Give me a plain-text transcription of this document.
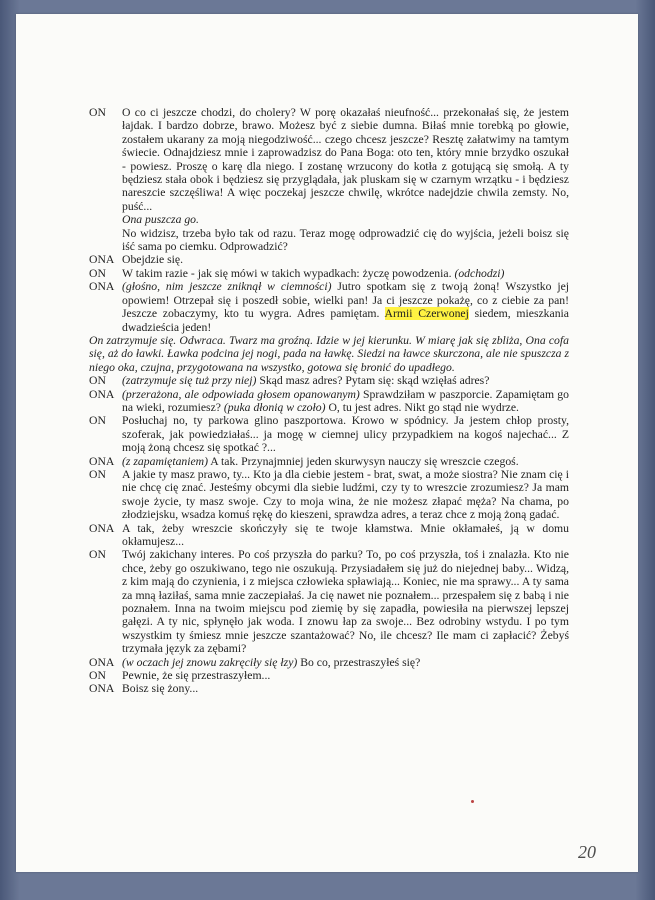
ON	O co ci jeszcze chodzi, do cholery? W porę okazałaś nieufność... przekonałaś się, że jestem łajdak. I bardzo dobrze, brawo. Możesz być z siebie dumna. Biłaś mnie torebką po głowie, zostałem ukarany za moją niegodziwość... czego chcesz jeszcze? Resztę załatwimy na tamtym świecie. Odnajdziesz mnie i zaprowadzisz do Pana Boga: oto ten, który mnie brzydko oszukał - powiesz. Proszę o karę dla niego. I zostanę wrzucony do kotła z gotującą się smołą. A ty będziesz stała obok i będziesz się przyglądała, jak pluskam się w czarnym wrzątku - i będziesz nareszcie szczęśliwa! A więc poczekaj jeszcze chwilę, wkrótce nadejdzie chwila zemsty. No, puść...
Ona puszcza go.
No widzisz, trzeba było tak od razu. Teraz mogę odprowadzić cię do wyjścia, jeżeli boisz się iść sama po ciemku. Odprowadzić?
ONA Obejdzie się.
ON	W takim razie - jak się mówi w takich wypadkach: życzę powodzenia. (odchodzi)
ONA (głośno, nim jeszcze zniknął w ciemności) Jutro spotkam się z twoją żoną! Wszystko jej opowiem! Otrzepał się i poszedł sobie, wielki pan! Ja ci jeszcze pokażę, co z ciebie za pan! Jeszcze zobaczymy, kto tu wygra. Adres pamiętam. Armii Czerwonej siedem, mieszkania dwadzieścia jeden!
On zatrzymuje się. Odwraca. Twarz ma groźną. Idzie w jej kierunku. W miarę jak się zbliża, Ona cofa się, aż do ławki. Ławka podcina jej nogi, pada na ławkę. Siedzi na ławce skurczona, ale nie spuszcza z niego oka, czujna, przygotowana na wszystko, gotowa się bronić do upadłego.
ON	(zatrzymuje się tuż przy niej) Skąd masz adres? Pytam się: skąd wzięłaś adres?
ONA (przerażona, ale odpowiada głosem opanowanym) Sprawdziłam w paszporcie. Zapamiętam go na wieki, rozumiesz? (puka dłonią w czoło) O, tu jest adres. Nikt go stąd nie wydrze.
ON	Posłuchaj no, ty parkowa glino paszportowa. Krowo w spódnicy. Ja jestem chłop prosty, szoferak, jak powiedziałaś... ja mogę w ciemnej ulicy przypadkiem na kogoś najechać... Z moją żoną chcesz się spotkać ?...
ONA (z zapamiętaniem) A tak. Przynajmniej jeden skurwysyn nauczy się wreszcie czegoś.
ON	A jakie ty masz prawo, ty... Kto ja dla ciebie jestem - brat, swat, a może siostra? Nie znam cię i nie chcę cię znać. Jesteśmy obcymi dla siebie ludźmi, czy ty to wreszcie zrozumiesz? Ja mam swoje życie, ty masz swoje. Czy to moja wina, że nie możesz złapać męża? Na chama, po złodziejsku, wsadza komuś rękę do kieszeni, sprawdza adres, a teraz chce z moją żoną gadać.
ONA A tak, żeby wreszcie skończyły się te twoje kłamstwa. Mnie okłamałeś, ją w domu okłamujesz...
ON	Twój zakichany interes. Po coś przyszła do parku? To, po coś przyszła, toś i znalazła. Kto nie chce, żeby go oszukiwano, tego nie oszukują. Przysiadałem się już do niejednej baby... Widzą, z kim mają do czynienia, i z miejsca człowieka spławiają... Koniec, nie ma sprawy... A ty sama za mną łaziłaś, sama mnie zaczepiałaś. Ja cię nawet nie poznałem... przespałem się z babą i nie poznałem. Inna na twoim miejscu pod ziemię by się zapadła, powiesiła na pierwszej lepszej gałęzi. A ty nic, spłynęło jak woda. I znowu łap za swoje... Bez odrobiny wstydu. I po tym wszystkim ty śmiesz mnie jeszcze szantażować? No, ile chcesz? Ile mam ci zapłacić? Żebyś trzymała język za zębami?
ONA (w oczach jej znowu zakręciły się łzy) Bo co, przestraszyłeś się?
ON	Pewnie, że się przestraszyłem...
ONA Boisz się żony...
20
